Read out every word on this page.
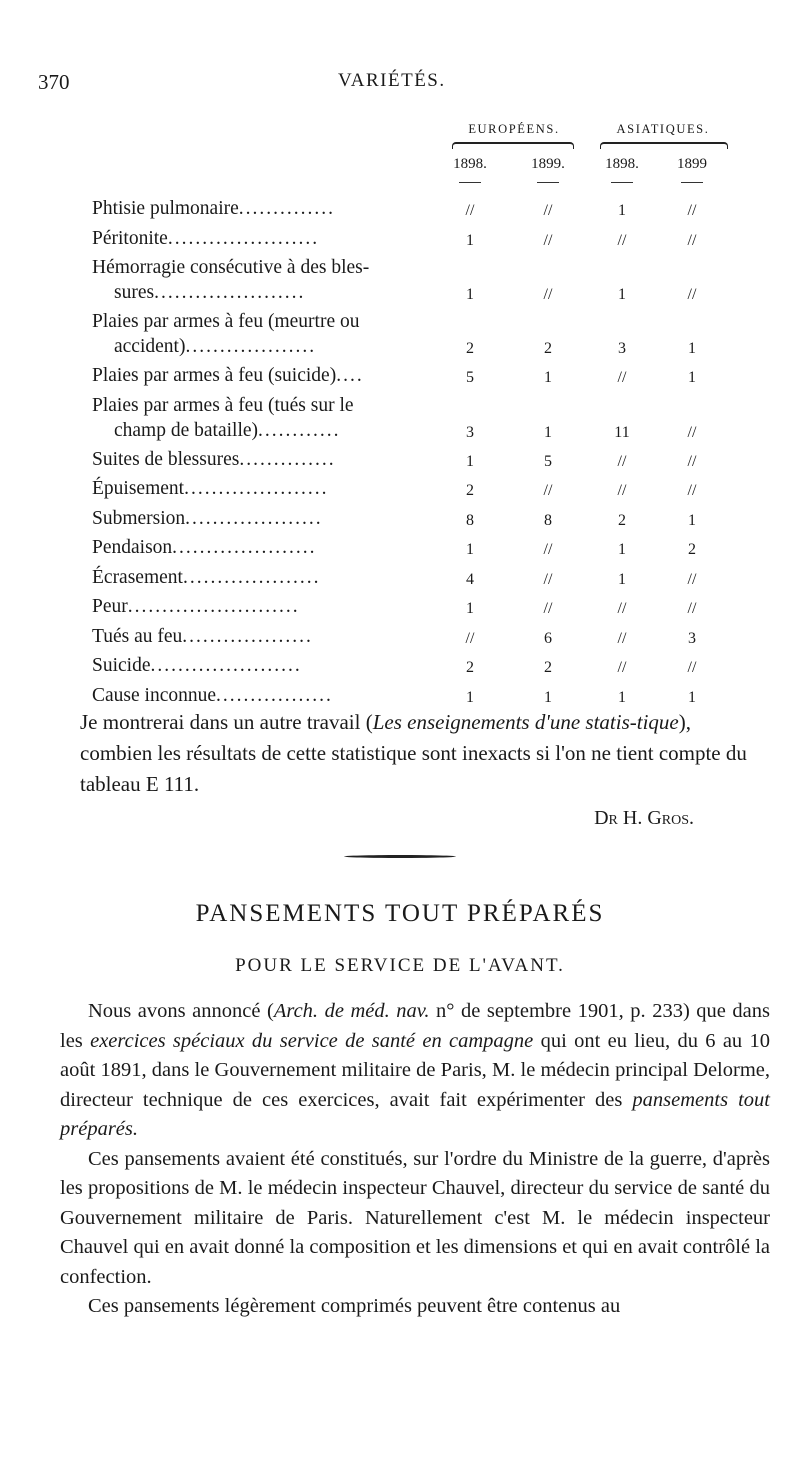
370	VARIÉTÉS.
EUROPÉENS.	ASIATIQUES.
1898.	1899.	1898.	1899
Phtisie pulmonaire..............	//	//	1	//
Péritonite......................	1	//	//	//
Hémorragie consécutive à des bles-
sures......................	1	//	1	//
Plaies par armes à feu (meurtre ou
accident)...................	2	2	3	1
Plaies par armes à feu (suicide)....	5	1	//	1
Plaies par armes à feu (tués sur le
champ de bataille)............	3	1	11	//
Suites de blessures..............	1	5	//	//
Épuisement.....................	2	//	//	//
Submersion....................	8	8	2	1
Pendaison.....................	1	//	1	2
Écrasement....................	4	//	1	//
Peur.........................	1	//	//	//
Tués au feu...................	//	6	//	3
Suicide......................	2	2	//	//
Cause inconnue.................	1	1	1	1
Je montrerai dans un autre travail (Les enseignements d'une statis-tique), combien les résultats de cette statistique sont inexacts si l'on ne tient compte du tableau E 111.
Dr H. Gros.
PANSEMENTS TOUT PRÉPARÉS
POUR LE SERVICE DE L'AVANT.

Nous avons annoncé (Arch. de méd. nav. n° de septembre 1901, p. 233) que dans les exercices spéciaux du service de santé en campagne qui ont eu lieu, du 6 au 10 août 1891, dans le Gouvernement militaire de Paris, M. le médecin principal Delorme, directeur technique de ces exercices, avait fait expérimenter des pansements tout préparés.

Ces pansements avaient été constitués, sur l'ordre du Ministre de la guerre, d'après les propositions de M. le médecin inspecteur Chauvel, directeur du service de santé du Gouvernement militaire de Paris. Naturellement c'est M. le médecin inspecteur Chauvel qui en avait donné la composition et les dimensions et qui en avait contrôlé la confection.

Ces pansements légèrement comprimés peuvent être contenus au
